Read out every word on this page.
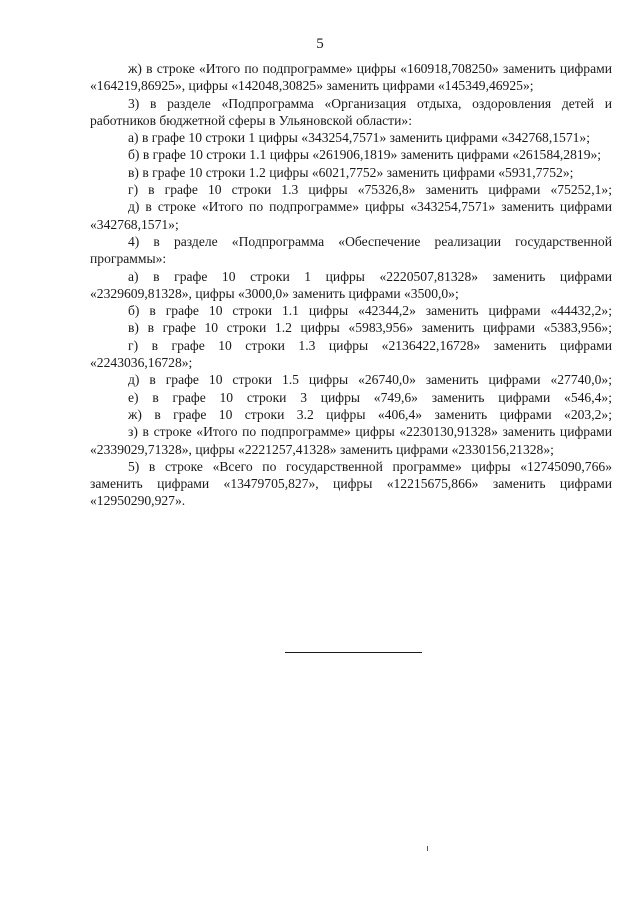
5

ж) в строке «Итого по подпрограмме» цифры «160918,708250» заменить цифрами «164219,86925», цифры «142048,30825» заменить цифрами «145349,46925»;

3) в разделе «Подпрограмма «Организация отдыха, оздоровления детей и работников бюджетной сферы в Ульяновской области»:

а) в графе 10 строки 1 цифры «343254,7571» заменить цифрами «342768,1571»;

б) в графе 10 строки 1.1 цифры «261906,1819» заменить цифрами «261584,2819»;

в) в графе 10 строки 1.2 цифры «6021,7752» заменить цифрами «5931,7752»;

г) в графе 10 строки 1.3 цифры «75326,8» заменить цифрами «75252,1»;

д) в строке «Итого по подпрограмме» цифры «343254,7571» заменить цифрами «342768,1571»;

4) в разделе «Подпрограмма «Обеспечение реализации государственной программы»:

а) в графе 10 строки 1 цифры «2220507,81328» заменить цифрами «2329609,81328», цифры «3000,0» заменить цифрами «3500,0»;

б) в графе 10 строки 1.1 цифры «42344,2» заменить цифрами «44432,2»;

в) в графе 10 строки 1.2 цифры «5983,956» заменить цифрами «5383,956»;

г) в графе 10 строки 1.3 цифры «2136422,16728» заменить цифрами «2243036,16728»;

д) в графе 10 строки 1.5 цифры «26740,0» заменить цифрами «27740,0»;

е) в графе 10 строки 3 цифры «749,6» заменить цифрами «546,4»;

ж) в графе 10 строки 3.2 цифры «406,4» заменить цифрами «203,2»;

з) в строке «Итого по подпрограмме» цифры «2230130,91328» заменить цифрами «2339029,71328», цифры «2221257,41328» заменить цифрами «2330156,21328»;

5) в строке «Всего по государственной программе» цифры «12745090,766» заменить цифрами «13479705,827», цифры «12215675,866» заменить цифрами «12950290,927».
